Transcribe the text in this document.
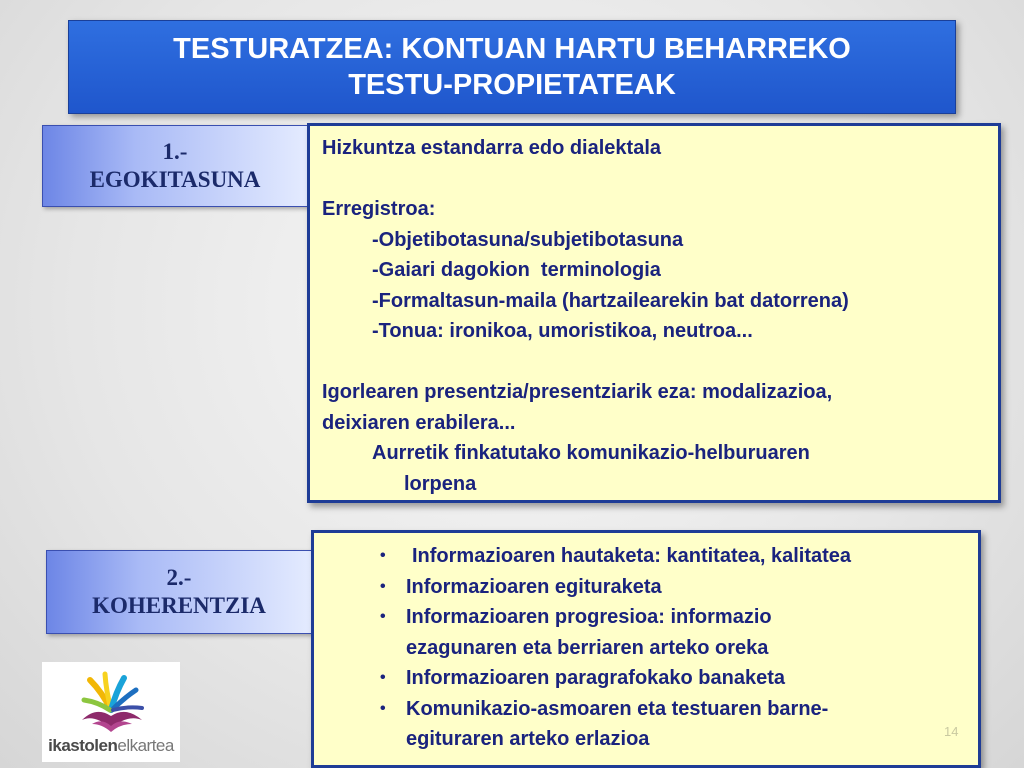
TESTURATZEA: KONTUAN HARTU BEHARREKO
TESTU-PROPIETATEAK
1.-
EGOKITASUNA
Hizkuntza estandarra edo dialektala
Erregistroa:
-Objetibotasuna/subjetibotasuna
-Gaiari dagokion  terminologia
-Formaltasun-maila (hartzailearekin bat datorrena)
-Tonua: ironikoa, umoristikoa, neutroa...
Igorlearen presentzia/presentziarik eza: modalizazioa,
deixiaren erabilera...
Aurretik finkatutako komunikazio-helburuaren
lorpena
2.-
KOHERENTZIA
• Informazioaren hautaketa: kantitatea, kalitatea
• Informazioaren egituraketa
• Informazioaren progresioa: informazio
ezagunaren eta berriaren arteko oreka
• Informazioaren paragrafokako banaketa
• Komunikazio-asmoaren eta testuaren barne-
egituraren arteko erlazioa
ikastolenelkartea
14
